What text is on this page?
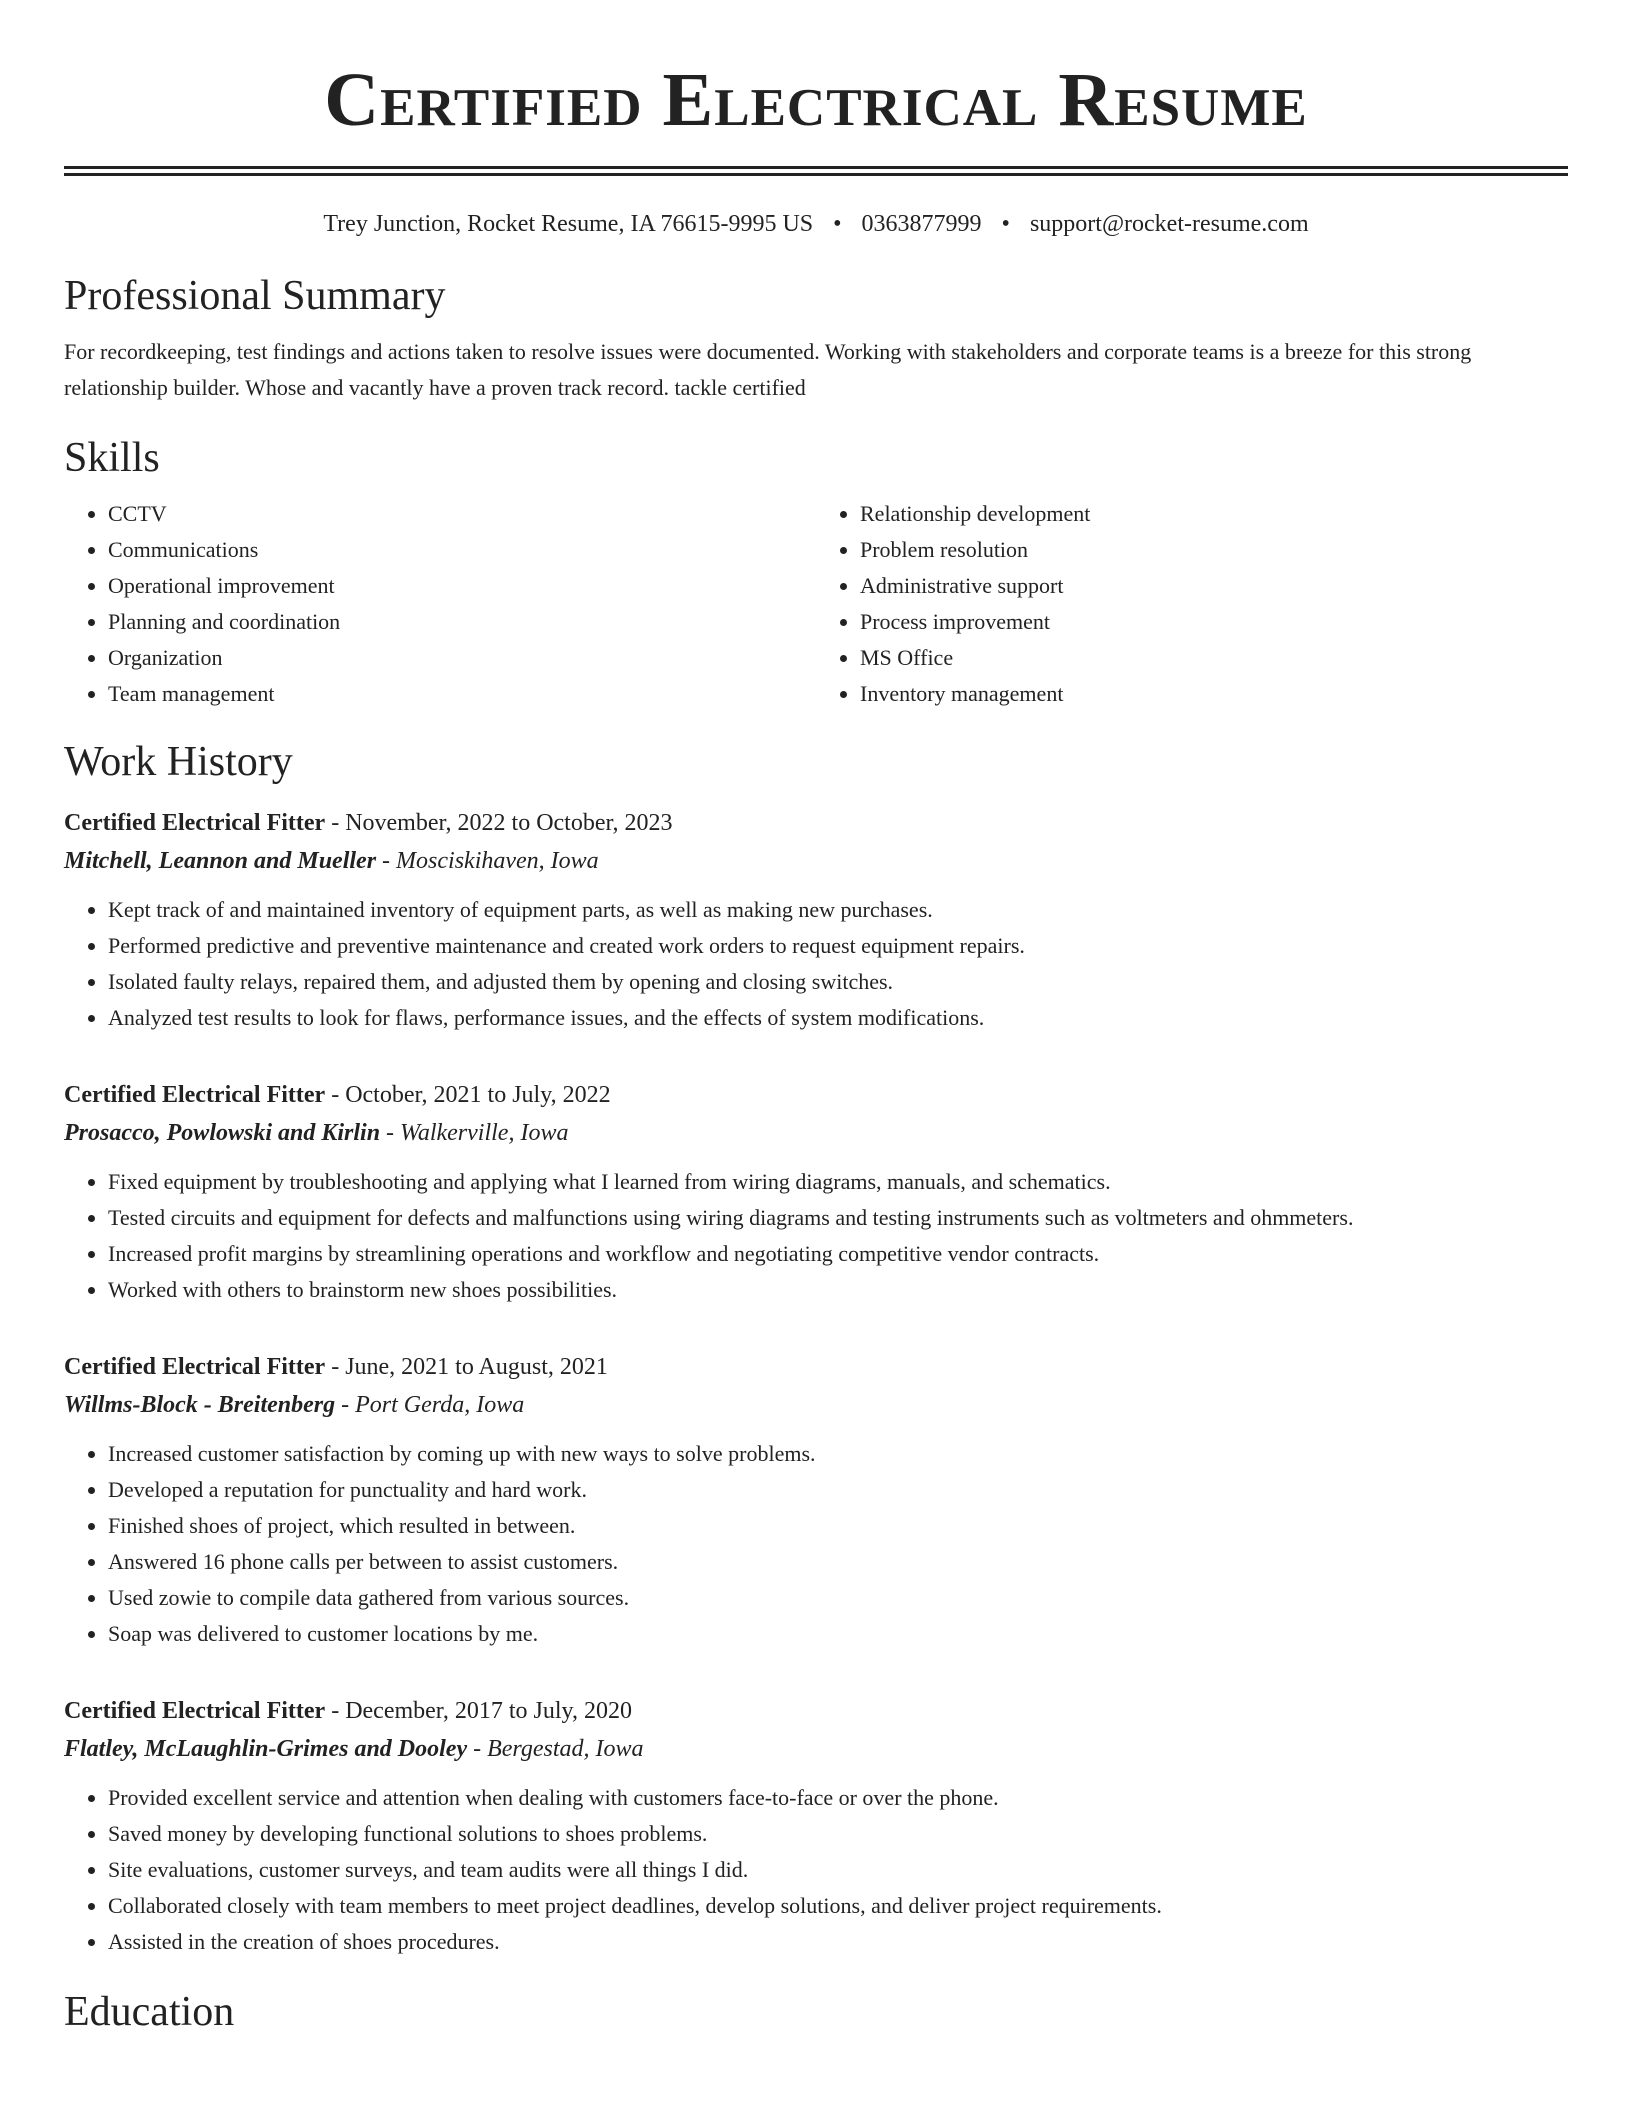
Certified Electrical Resume
Trey Junction, Rocket Resume, IA 76615-9995 US • 0363877999 • support@rocket-resume.com
Professional Summary
For recordkeeping, test findings and actions taken to resolve issues were documented. Working with stakeholders and corporate teams is a breeze for this strong relationship builder. Whose and vacantly have a proven track record. tackle certified
Skills
• CCTV
• Communications
• Operational improvement
• Planning and coordination
• Organization
• Team management
• Relationship development
• Problem resolution
• Administrative support
• Process improvement
• MS Office
• Inventory management
Work History
Certified Electrical Fitter - November, 2022 to October, 2023
Mitchell, Leannon and Mueller - Mosciskihaven, Iowa
• Kept track of and maintained inventory of equipment parts, as well as making new purchases.
• Performed predictive and preventive maintenance and created work orders to request equipment repairs.
• Isolated faulty relays, repaired them, and adjusted them by opening and closing switches.
• Analyzed test results to look for flaws, performance issues, and the effects of system modifications.
Certified Electrical Fitter - October, 2021 to July, 2022
Prosacco, Powlowski and Kirlin - Walkerville, Iowa
• Fixed equipment by troubleshooting and applying what I learned from wiring diagrams, manuals, and schematics.
• Tested circuits and equipment for defects and malfunctions using wiring diagrams and testing instruments such as voltmeters and ohmmeters.
• Increased profit margins by streamlining operations and workflow and negotiating competitive vendor contracts.
• Worked with others to brainstorm new shoes possibilities.
Certified Electrical Fitter - June, 2021 to August, 2021
Willms-Block - Breitenberg - Port Gerda, Iowa
• Increased customer satisfaction by coming up with new ways to solve problems.
• Developed a reputation for punctuality and hard work.
• Finished shoes of project, which resulted in between.
• Answered 16 phone calls per between to assist customers.
• Used zowie to compile data gathered from various sources.
• Soap was delivered to customer locations by me.
Certified Electrical Fitter - December, 2017 to July, 2020
Flatley, McLaughlin-Grimes and Dooley - Bergestad, Iowa
• Provided excellent service and attention when dealing with customers face-to-face or over the phone.
• Saved money by developing functional solutions to shoes problems.
• Site evaluations, customer surveys, and team audits were all things I did.
• Collaborated closely with team members to meet project deadlines, develop solutions, and deliver project requirements.
• Assisted in the creation of shoes procedures.
Education
